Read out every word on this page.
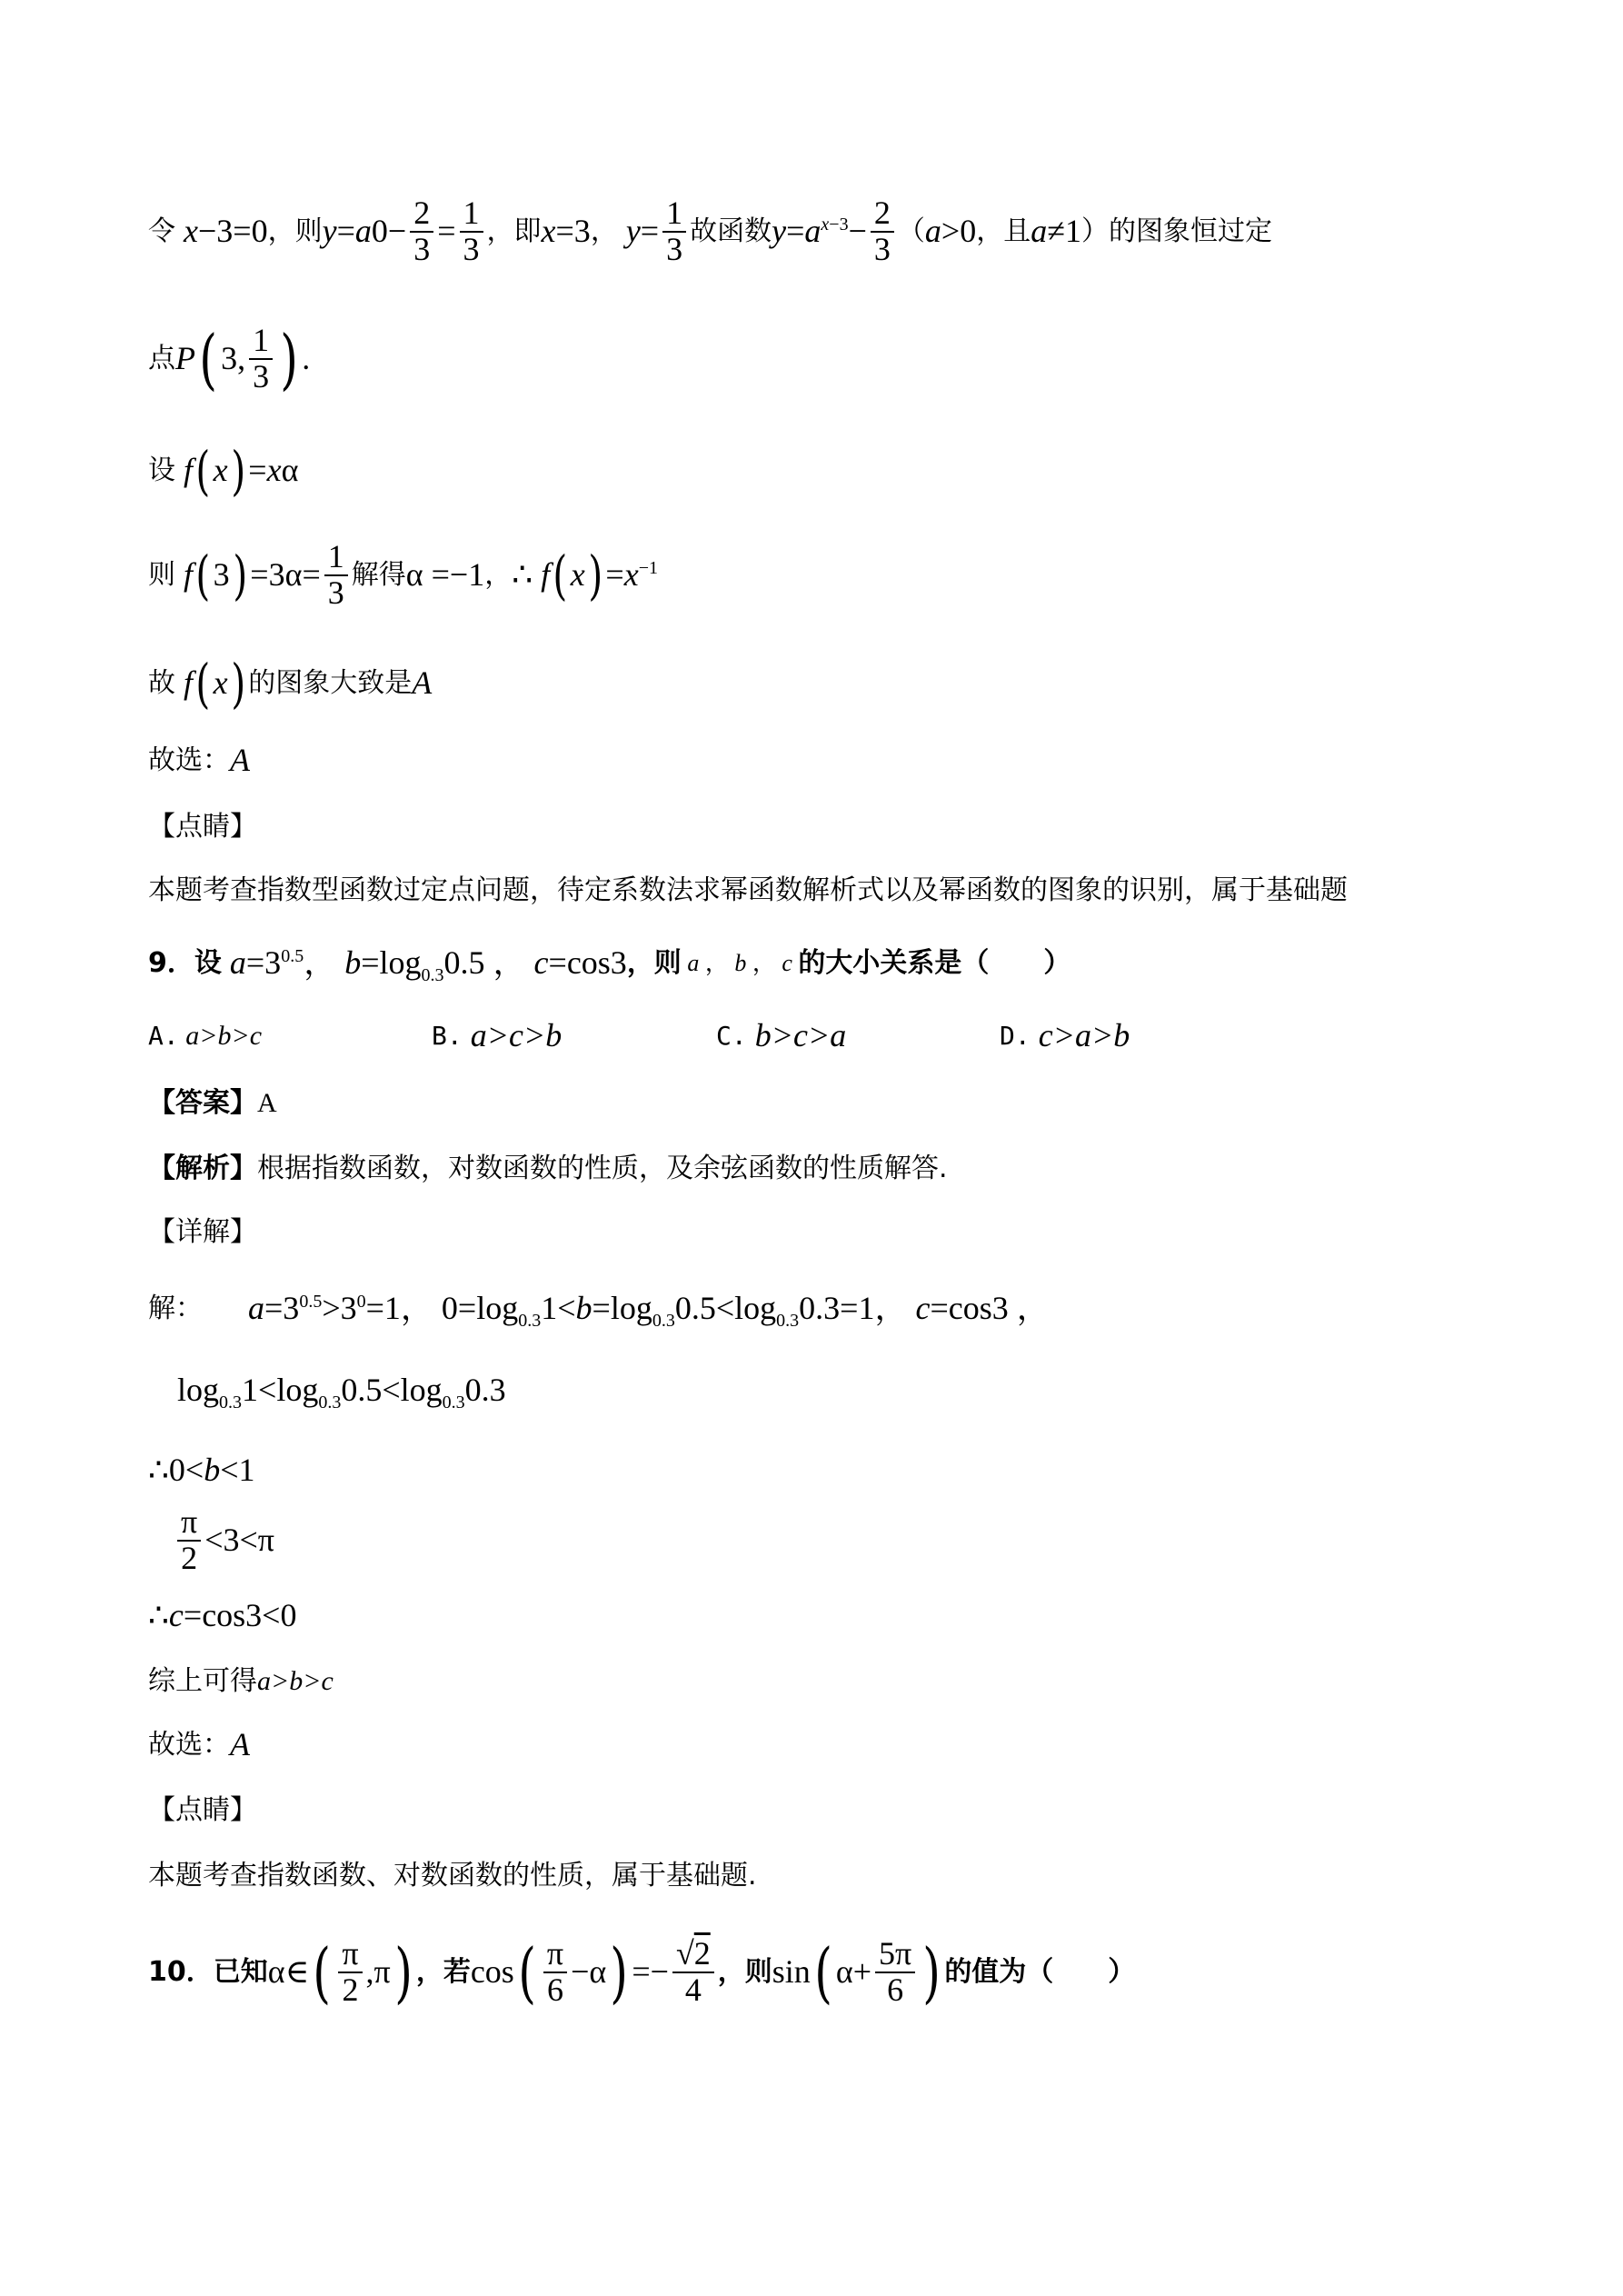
令 x −3=0 ，则 $y=a0- \frac{2}{3} = \frac{1}{3}$ ，即 x=3 ， $y= \frac{1}{3}$ 故函数 $y=a^{x-3}- \frac{2}{3}$ （ a>0 ，且 a≠1 ）的图象恒过定
点 P ( 3, $\frac{1}{3}$ ) .
设 f ( x ) =xα
则 f ( 3 ) $=3\alpha= \frac{1}{3}$ 解得 α =−1 ， ∴ f ( x ) $=x^{-1}$
故 f ( x ) 的图象大致是 A
故选： A
【点睛】
本题考查指数型函数过定点问题，待定系数法求幂函数解析式以及幂函数的图象的识别，属于基础题
9．设 $a=3^{0.5}$， $b=\log_{0.3}0.5$ ， c=cos3 ，则 a ， b ， c 的大小关系是（　　）
A. a>b>c	B. a>c>b	C. b>c>a	D. c>a>b
【答案】 A
【解析】 根据指数函数，对数函数的性质，及余弦函数的性质解答.
【详解】
解： $a=3^{0.5}>3^0=1$， $0=\log_{0.3}1<b=\log_{0.3}0.5<\log_{0.3}0.3=1$， c=cos3 ，
$\log_{0.3}1<\log_{0.3}0.5<\log_{0.3}0.3$
∴0<b<1
$\frac{\pi}{2} <3<\pi$
∴c=cos3<0
综上可得 a>b>c
故选： A
【点睛】
本题考查指数函数、对数函数的性质，属于基础题.
10．已知 α∈ ( $\frac{\pi}{2} ,\pi$ ) ，若 cos ( $\frac{\pi}{6} -\alpha$ ) =− $\frac{√2}{4}$ ，则 sin ( $\alpha+ \frac{5\pi}{6}$ ) 的值为（　　）
